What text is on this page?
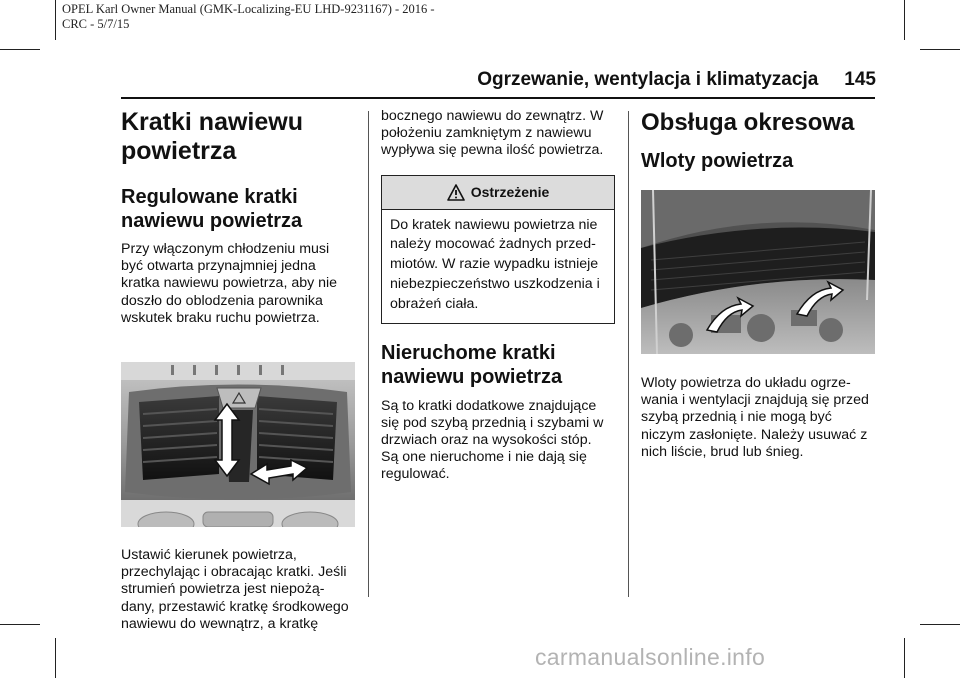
OPEL Karl Owner Manual (GMK-Localizing-EU LHD-9231167) - 2016 -
CRC - 5/7/15
Ogrzewanie, wentylacja i klimatyzacja 145
Kratki nawiewu
powietrza
Regulowane kratki
nawiewu powietrza
Przy włączonym chłodzeniu musi
być otwarta przynajmniej jedna
kratka nawiewu powietrza, aby nie
doszło do oblodzenia parownika
wskutek braku ruchu powietrza.
Ustawić kierunek powietrza,
przechylając i obracając kratki. Jeśli
strumień powietrza jest niepożą-
dany, przestawić kratkę środkowego
nawiewu do wewnątrz, a kratkę
bocznego nawiewu do zewnątrz. W
położeniu zamkniętym z nawiewu
wypływa się pewna ilość powietrza.
Ostrzeżenie
Do kratek nawiewu powietrza nie
należy mocować żadnych przed-
miotów. W razie wypadku istnieje
niebezpieczeństwo uszkodzenia i
obrażeń ciała.
Nieruchome kratki
nawiewu powietrza
Są to kratki dodatkowe znajdujące
się pod szybą przednią i szybami w
drzwiach oraz na wysokości stóp.
Są one nieruchome i nie dają się
regulować.
Obsługa okresowa
Wloty powietrza
Wloty powietrza do układu ogrze-
wania i wentylacji znajdują się przed
szybą przednią i nie mogą być
niczym zasłonięte. Należy usuwać z
nich liście, brud lub śnieg.
carmanualsonline.info
